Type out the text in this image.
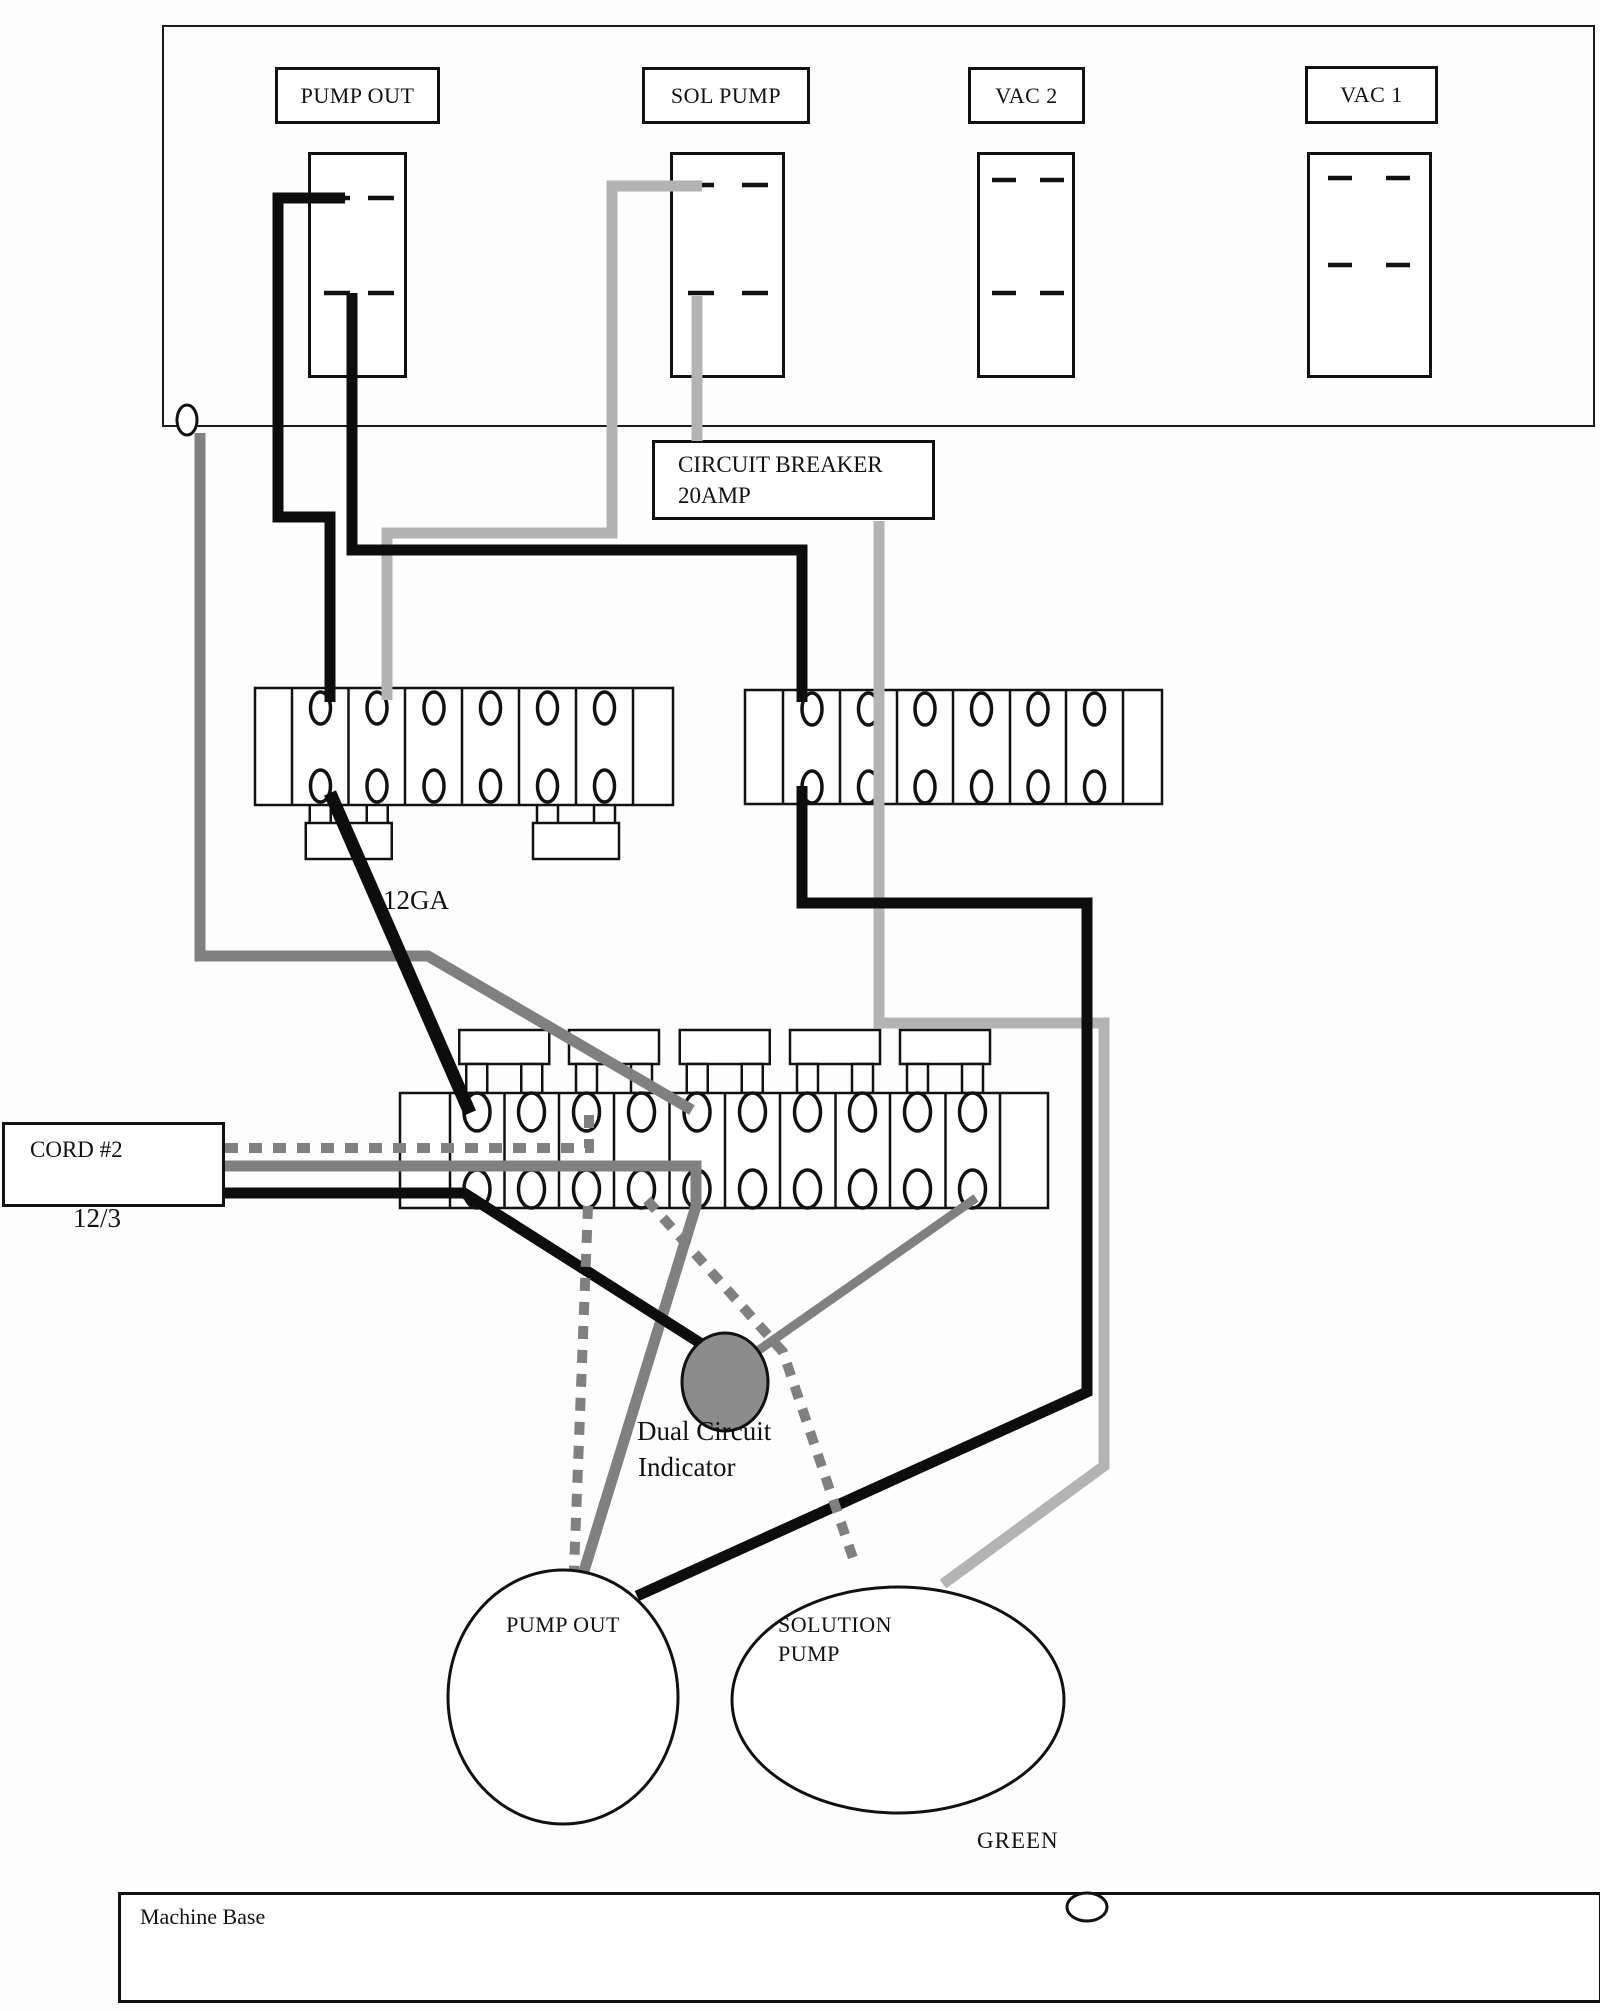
PUMP OUT	SOL PUMP	VAC 2	VAC 1
CIRCUIT BREAKER
20AMP
CORD #2
12GA
12/3
Dual Circuit
Indicator
PUMP OUT	SOLUTION
PUMP
GREEN
Machine Base
